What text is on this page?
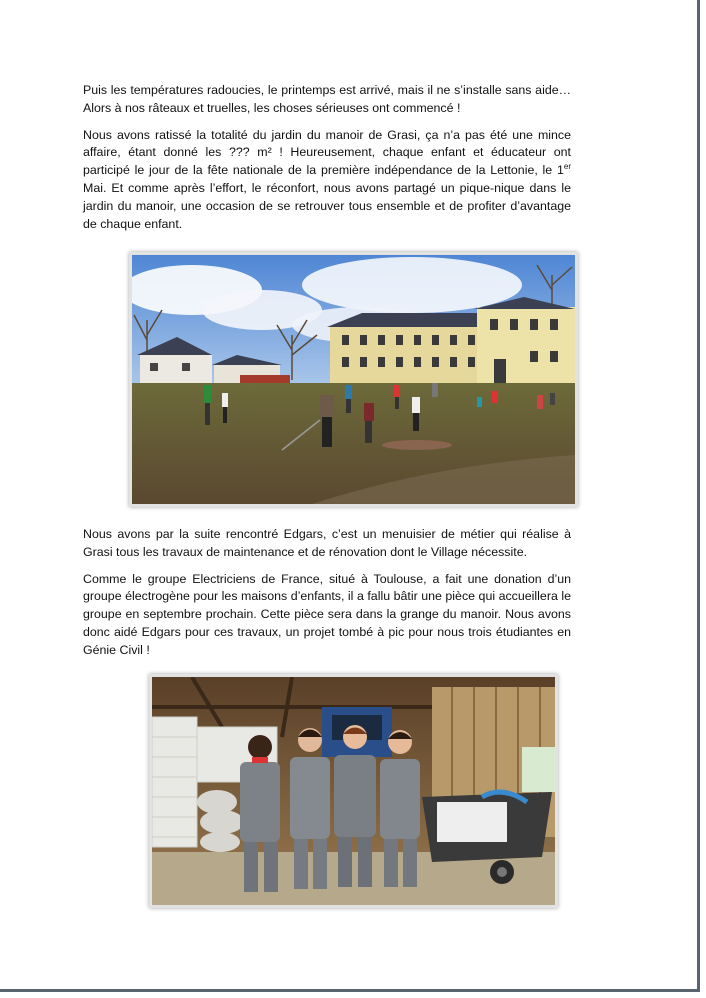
Puis les températures radoucies, le printemps est arrivé, mais il ne s’installe sans aide… Alors à nos râteaux et truelles, les choses sérieuses ont commencé !

Nous avons ratissé la totalité du jardin du manoir de Grasi, ça n’a pas été une mince affaire, étant donné les ??? m² ! Heureusement, chaque enfant et éducateur ont participé le jour de la fête nationale de la première indépendance de la Lettonie, le 1er Mai. Et comme après l’effort, le réconfort, nous avons partagé un pique-nique dans le jardin du manoir, une occasion de se retrouver tous ensemble et de profiter d’avantage de chaque enfant.

Nous avons par la suite rencontré Edgars, c’est un menuisier de métier qui réalise à Grasi tous les travaux de maintenance et de rénovation dont le Village nécessite.

Comme le groupe Electriciens de France, situé à Toulouse, a fait une donation d’un groupe électrogène pour les maisons d’enfants, il a fallu bâtir une pièce qui accueillera le groupe en septembre prochain. Cette pièce sera dans la grange du manoir. Nous avons donc aidé Edgars pour ces travaux, un projet tombé à pic pour nous trois étudiantes en Génie Civil !
